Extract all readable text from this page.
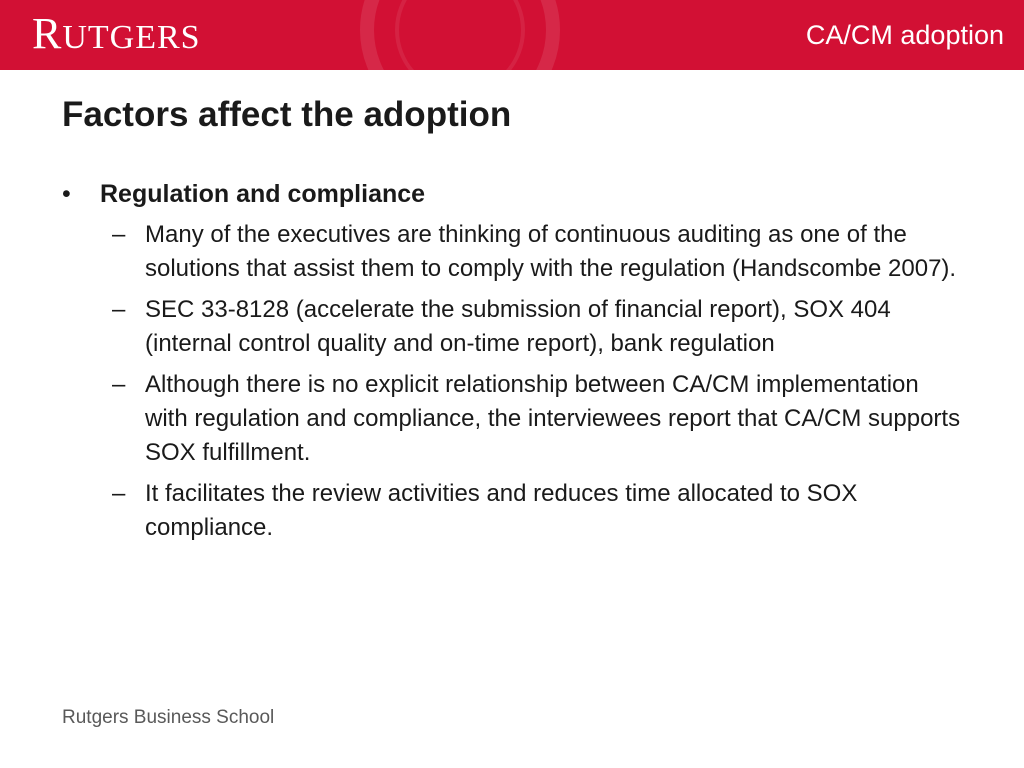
RUTGERS	CA/CM adoption
Factors affect the adoption
• Regulation and compliance
– Many of the executives are thinking of continuous auditing as one of the solutions that assist them to comply with the regulation (Handscombe 2007).
– SEC 33-8128 (accelerate the submission of financial report), SOX 404 (internal control quality and on-time report), bank regulation
– Although there is no explicit relationship between CA/CM implementation with regulation and compliance, the interviewees report that CA/CM supports SOX fulfillment.
– It facilitates the review activities and reduces time allocated to SOX compliance.
Rutgers Business School
